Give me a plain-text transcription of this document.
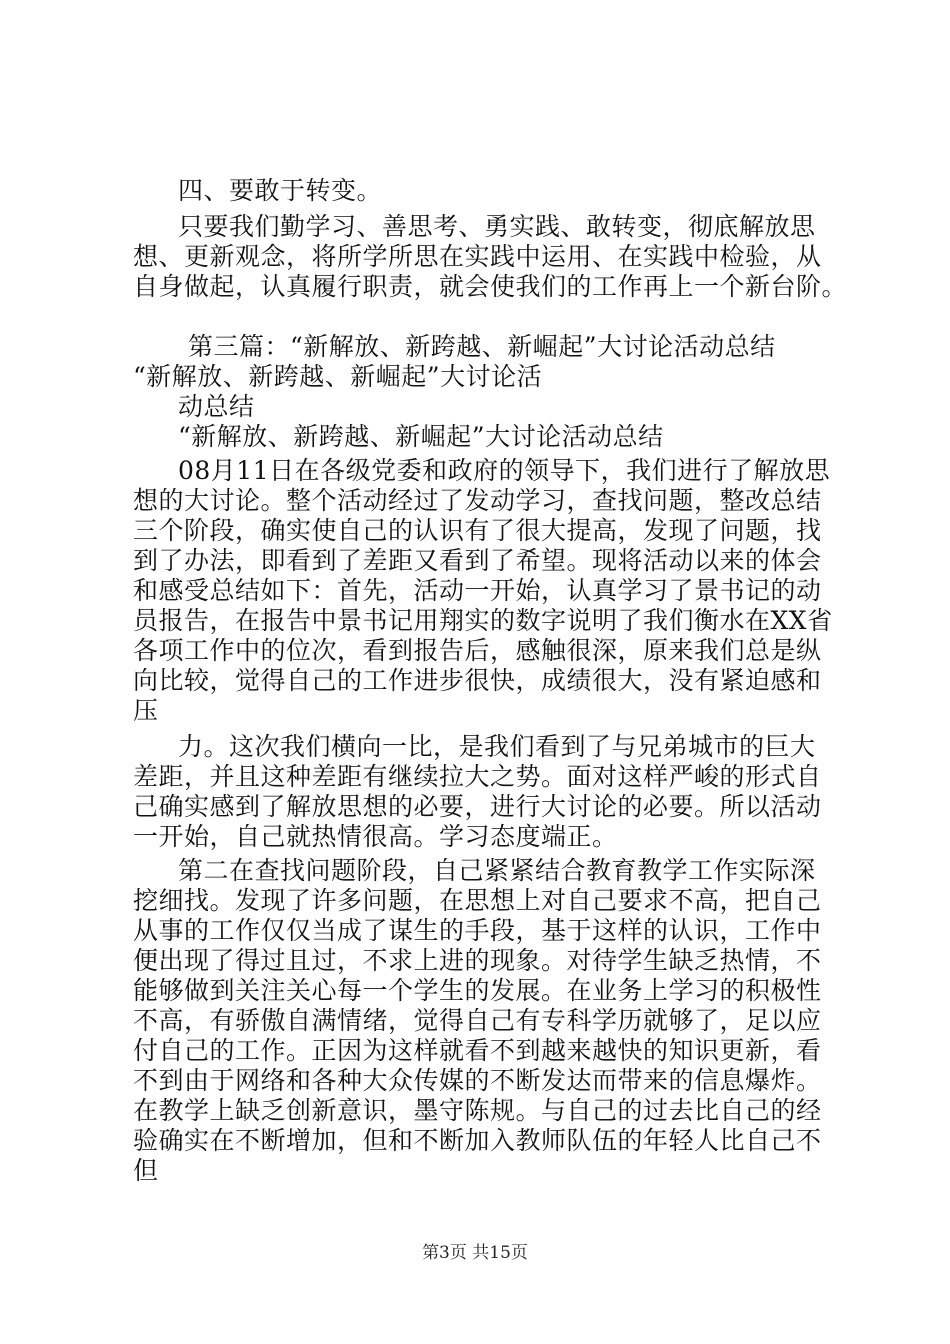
四、要敢于转变。
只要我们勤学习、善思考、勇实践、敢转变，彻底解放思
想、更新观念，将所学所思在实践中运用、在实践中检验，从
自身做起，认真履行职责，就会使我们的工作再上一个新台阶。
第三篇：“新解放、新跨越、新崛起”大讨论活动总结
“新解放、新跨越、新崛起”大讨论活
动总结
“新解放、新跨越、新崛起”大讨论活动总结
08月11日在各级党委和政府的领导下，我们进行了解放思
想的大讨论。整个活动经过了发动学习，查找问题，整改总结
三个阶段，确实使自己的认识有了很大提高，发现了问题，找
到了办法，即看到了差距又看到了希望。现将活动以来的体会
和感受总结如下：首先，活动一开始，认真学习了景书记的动
员报告，在报告中景书记用翔实的数字说明了我们衡水在XX省
各项工作中的位次，看到报告后，感触很深，原来我们总是纵
向比较，觉得自己的工作进步很快，成绩很大，没有紧迫感和
压
力。这次我们横向一比，是我们看到了与兄弟城市的巨大
差距，并且这种差距有继续拉大之势。面对这样严峻的形式自
己确实感到了解放思想的必要，进行大讨论的必要。所以活动
一开始，自己就热情很高。学习态度端正。
第二在查找问题阶段，自己紧紧结合教育教学工作实际深
挖细找。发现了许多问题，在思想上对自己要求不高，把自己
从事的工作仅仅当成了谋生的手段，基于这样的认识，工作中
便出现了得过且过，不求上进的现象。对待学生缺乏热情，不
能够做到关注关心每一个学生的发展。在业务上学习的积极性
不高，有骄傲自满情绪，觉得自己有专科学历就够了，足以应
付自己的工作。正因为这样就看不到越来越快的知识更新，看
不到由于网络和各种大众传媒的不断发达而带来的信息爆炸。
在教学上缺乏创新意识，墨守陈规。与自己的过去比自己的经
验确实在不断增加，但和不断加入教师队伍的年轻人比自己不
但
第3页 共15页
